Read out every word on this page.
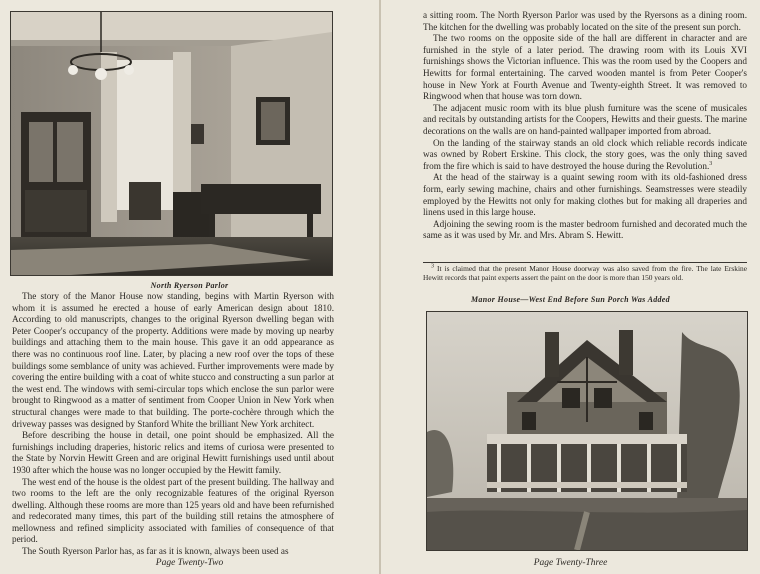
North Ryerson Parlor

The story of the Manor House now standing, begins with Martin Ryerson with whom it is assumed he erected a house of early American design about 1810. According to old manuscripts, changes to the original Ryerson dwelling began with Peter Cooper's occupancy of the property. Additions were made by moving up nearby buildings and attaching them to the main house. This gave it an odd appearance as there was no continuous roof line. Later, by placing a new roof over the tops of these buildings some semblance of unity was achieved. Further improvements were made by covering the entire building with a coat of white stucco and constructing a sun parlor at the west end. The windows with semi-circular tops which enclose the sun parlor were brought to Ringwood as a matter of sentiment from Cooper Union in New York when structural changes were made to that building. The porte-cochère through which the driveway passes was designed by Stanford White the brilliant New York architect.

Before describing the house in detail, one point should be emphasized. All the furnishings including draperies, historic relics and items of curiosa were presented to the State by Norvin Hewitt Green and are original Hewitt furnishings used until about 1930 after which the house was no longer occupied by the Hewitt family.

The west end of the house is the oldest part of the present building. The hallway and two rooms to the left are the only recognizable features of the original Ryerson dwelling. Although these rooms are more than 125 years old and have been refurnished and redecorated many times, this part of the building still retains the atmosphere of mellowness and refined simplicity associated with families of consequence of that period.

The South Ryerson Parlor has, as far as it is known, always been used as

Page Twenty-Two

a sitting room. The North Ryerson Parlor was used by the Ryersons as a dining room. The kitchen for the dwelling was probably located on the site of the present sun porch.

The two rooms on the opposite side of the hall are different in character and are furnished in the style of a later period. The drawing room with its Louis XVI furnishings shows the Victorian influence. This was the room used by the Coopers and Hewitts for formal entertaining. The carved wooden mantel is from Peter Cooper's house in New York at Fourth Avenue and Twenty-eighth Street. It was removed to Ringwood when that house was torn down.

The adjacent music room with its blue plush furniture was the scene of musicales and recitals by outstanding artists for the Coopers, Hewitts and their guests. The marine decorations on the walls are on hand-painted wallpaper imported from abroad.

On the landing of the stairway stands an old clock which reliable records indicate was owned by Robert Erskine. This clock, the story goes, was the only thing saved from the fire which is said to have destroyed the house during the Revolution.$^3$

At the head of the stairway is a quaint sewing room with its old-fashioned dress form, early sewing machine, chairs and other furnishings. Seamstresses were steadily employed by the Hewitts not only for making clothes but for making all draperies and linens used in this large house.

Adjoining the sewing room is the master bedroom furnished and decorated much the same as it was used by Mr. and Mrs. Abram S. Hewitt.

$^3$ It is claimed that the present Manor House doorway was also saved from the fire. The late Erskine Hewitt records that paint experts assert the paint on the door is more than 150 years old.
Manor House—West End Before Sun Porch Was Added
Page Twenty-Three
